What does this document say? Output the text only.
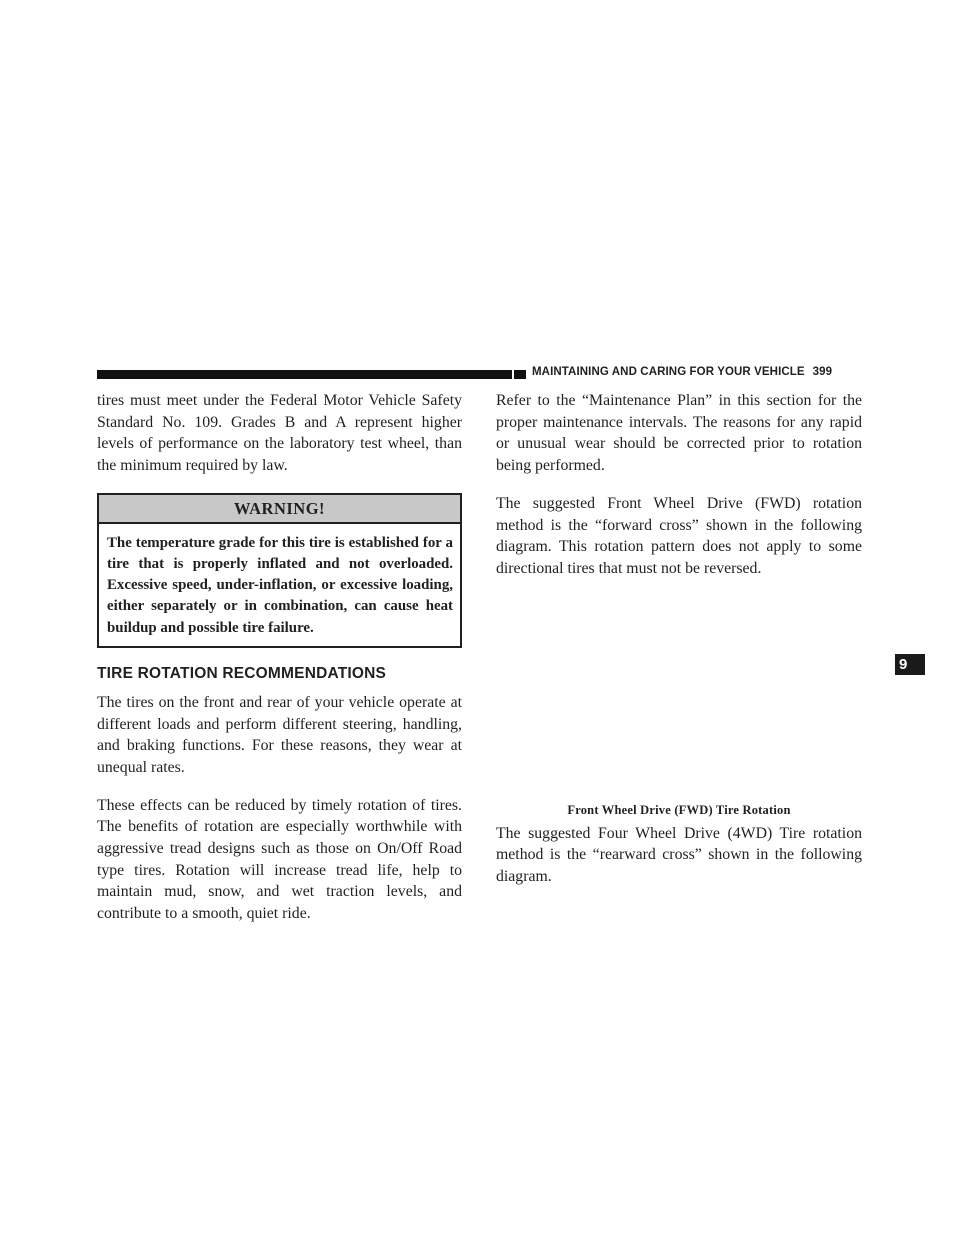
MAINTAINING AND CARING FOR YOUR VEHICLE 399

tires must meet under the Federal Motor Vehicle Safety Standard No. 109. Grades B and A represent higher levels of performance on the laboratory test wheel, than the minimum required by law.

WARNING!
The temperature grade for this tire is established for a tire that is properly inflated and not overloaded. Excessive speed, under-inflation, or excessive loading, either separately or in combination, can cause heat buildup and possible tire failure.
TIRE ROTATION RECOMMENDATIONS

The tires on the front and rear of your vehicle operate at different loads and perform different steering, handling, and braking functions. For these reasons, they wear at unequal rates.

These effects can be reduced by timely rotation of tires. The benefits of rotation are especially worthwhile with aggressive tread designs such as those on On/Off Road type tires. Rotation will increase tread life, help to maintain mud, snow, and wet traction levels, and contribute to a smooth, quiet ride.

Refer to the “Maintenance Plan” in this section for the proper maintenance intervals. The reasons for any rapid or unusual wear should be corrected prior to rotation being performed.

The suggested Front Wheel Drive (FWD) rotation method is the “forward cross” shown in the following diagram. This rotation pattern does not apply to some directional tires that must not be reversed.

Front Wheel Drive (FWD) Tire Rotation

The suggested Four Wheel Drive (4WD) Tire rotation method is the “rearward cross” shown in the following diagram.

9
